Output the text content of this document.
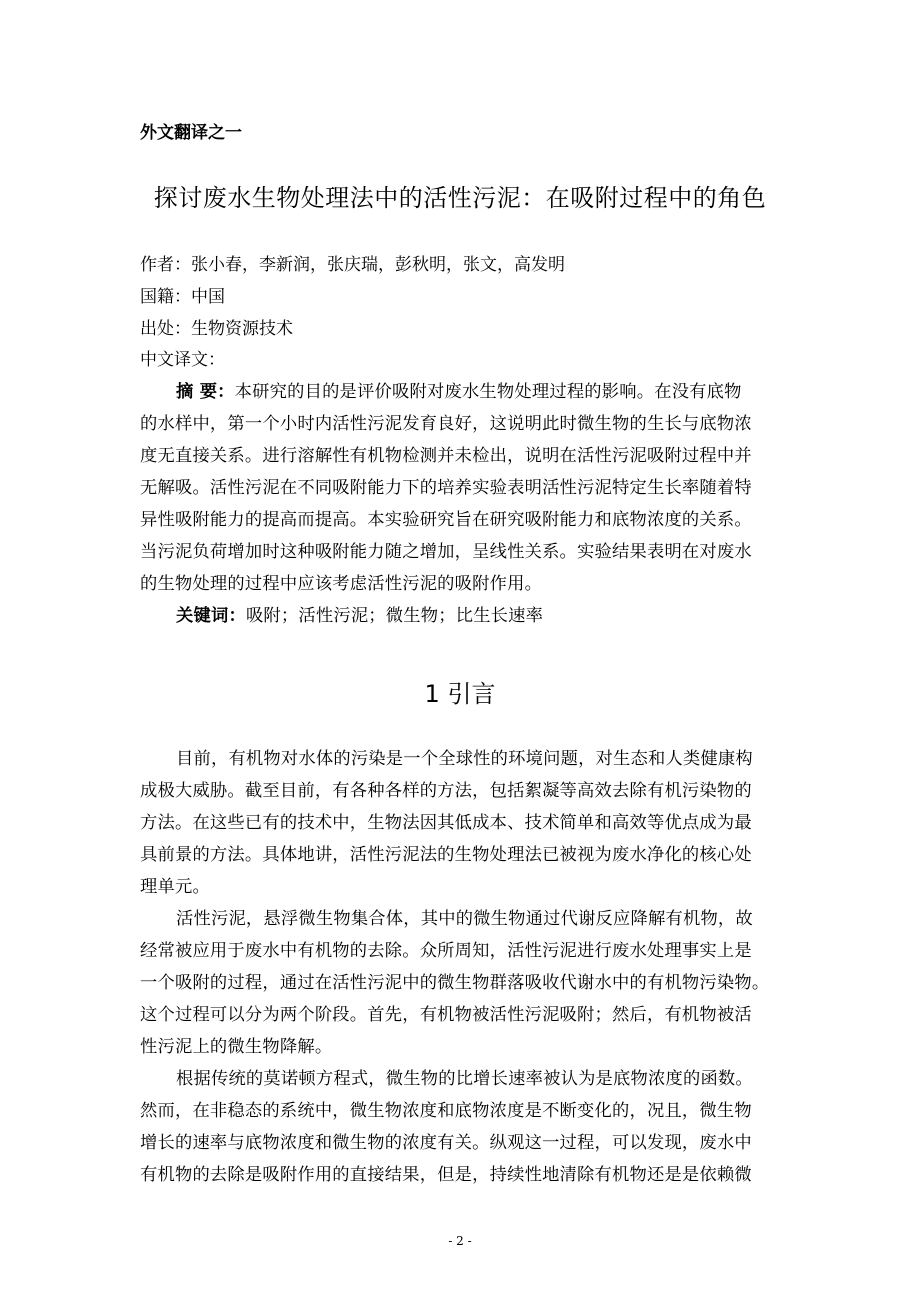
外文翻译之一
探讨废水生物处理法中的活性污泥：在吸附过程中的角色
作者：张小春，李新润，张庆瑞，彭秋明，张文，高发明
国籍：中国
出处：生物资源技术
中文译文：
摘 要：本研究的目的是评价吸附对废水生物处理过程的影响。在没有底物
的水样中，第一个小时内活性污泥发育良好，这说明此时微生物的生长与底物浓
度无直接关系。进行溶解性有机物检测并未检出，说明在活性污泥吸附过程中并
无解吸。活性污泥在不同吸附能力下的培养实验表明活性污泥特定生长率随着特
异性吸附能力的提高而提高。本实验研究旨在研究吸附能力和底物浓度的关系。
当污泥负荷增加时这种吸附能力随之增加，呈线性关系。实验结果表明在对废水
的生物处理的过程中应该考虑活性污泥的吸附作用。
关键词：吸附；活性污泥；微生物；比生长速率
1 引言
目前，有机物对水体的污染是一个全球性的环境问题，对生态和人类健康构
成极大威胁。截至目前，有各种各样的方法，包括絮凝等高效去除有机污染物的
方法。在这些已有的技术中，生物法因其低成本、技术简单和高效等优点成为最
具前景的方法。具体地讲，活性污泥法的生物处理法已被视为废水净化的核心处
理单元。
活性污泥，悬浮微生物集合体，其中的微生物通过代谢反应降解有机物，故
经常被应用于废水中有机物的去除。众所周知，活性污泥进行废水处理事实上是
一个吸附的过程，通过在活性污泥中的微生物群落吸收代谢水中的有机物污染物。
这个过程可以分为两个阶段。首先，有机物被活性污泥吸附；然后，有机物被活
性污泥上的微生物降解。
根据传统的莫诺顿方程式，微生物的比增长速率被认为是底物浓度的函数。
然而，在非稳态的系统中，微生物浓度和底物浓度是不断变化的，况且，微生物
增长的速率与底物浓度和微生物的浓度有关。纵观这一过程，可以发现，废水中
有机物的去除是吸附作用的直接结果，但是，持续性地清除有机物还是是依赖微
- 2 -
